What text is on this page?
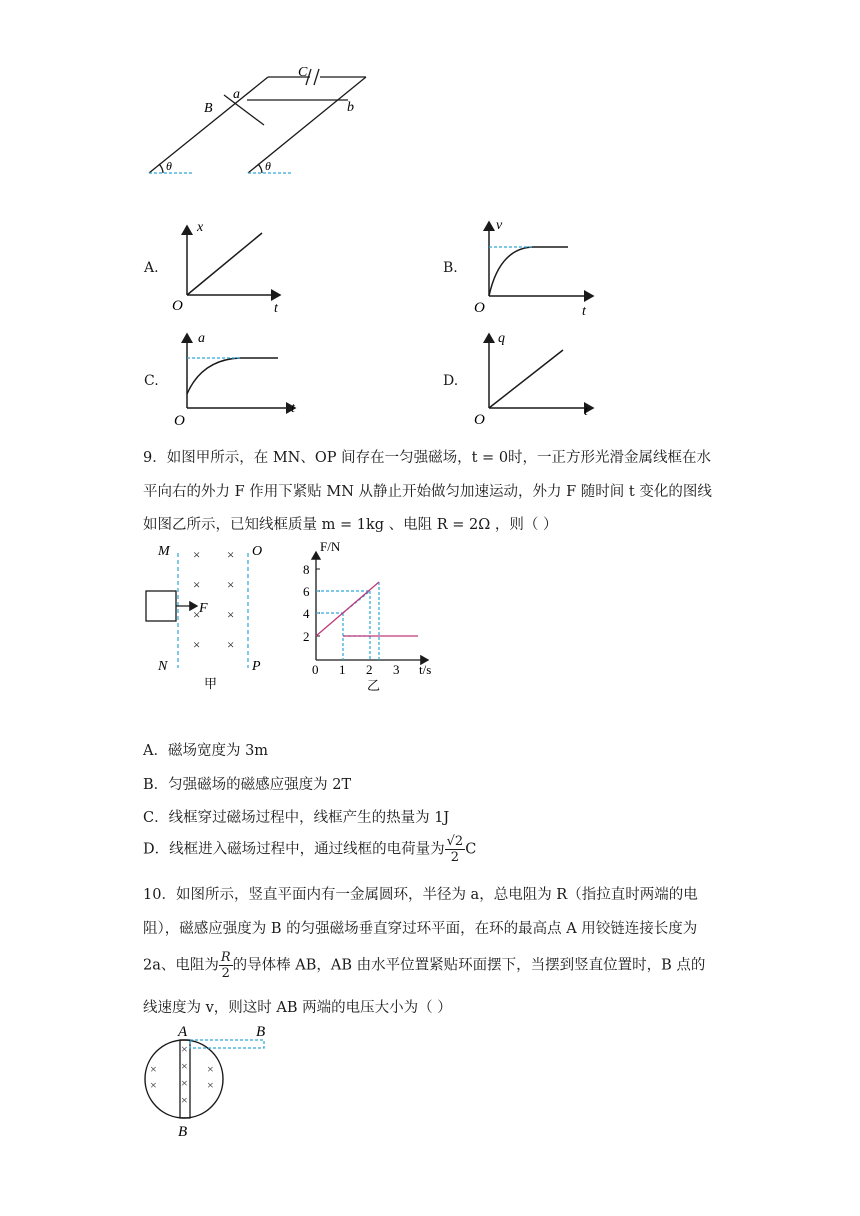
C
a
b
B
θ	θ
A.
x
O	t
B.
v
O	t
C.
a
O
t
D.
q
O
t
9．如图甲所示，在 MN、OP 间存在一匀强磁场，t = 0时，一正方形光滑金属线框在水
平向右的外力 F 作用下紧贴 MN 从静止开始做匀加速运动，外力 F 随时间 t 变化的图线
如图乙所示，已知线框质量 m = 1kg 、电阻 R = 2Ω ，则（ ）
F
M	O
N	P
× ×
× ×
× ×
× ×
甲
F/N
t/s
2
4
6
8
0 1 2 3
乙
A．磁场宽度为 3m
B．匀强磁场的磁感应强度为 2T
C．线框穿过磁场过程中，线框产生的热量为 1J
D．线框进入磁场过程中，通过线框的电荷量为 $\frac{√2}{2}$ C
10．如图所示，竖直平面内有一金属圆环，半径为 a，总电阻为 R（指拉直时两端的电
阻），磁感应强度为 B 的匀强磁场垂直穿过环平面，在环的最高点 A 用铰链连接长度为
2a、电阻为 $\frac{R}{2}$ 的导体棒 AB，AB 由水平位置紧贴环面摆下，当摆到竖直位置时，B 点的
线速度为 v，则这时 AB 两端的电压大小为（ ）
A	B
B
×
×
×
×
×
×
×
×
